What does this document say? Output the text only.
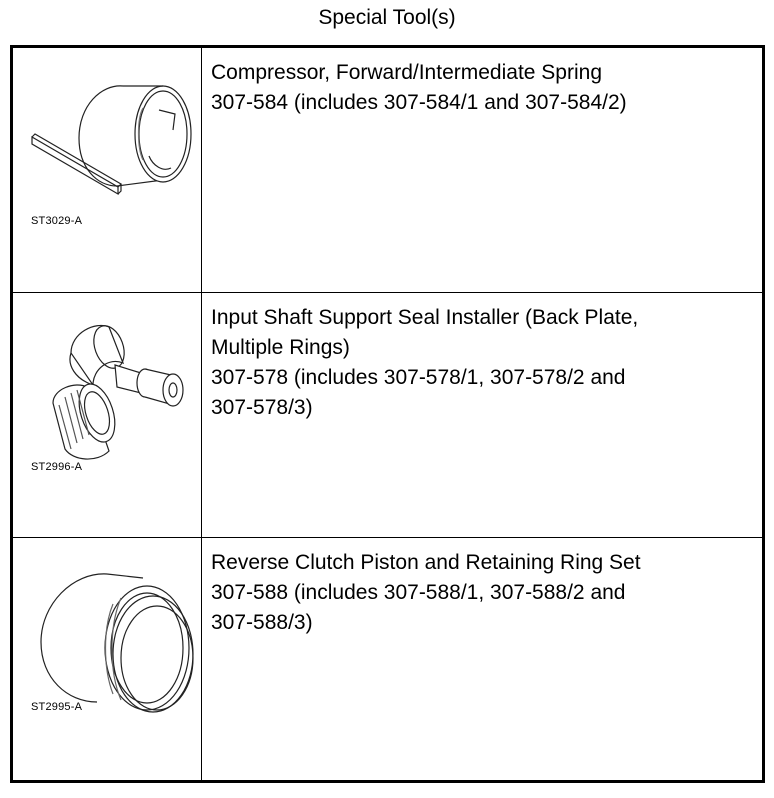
Special Tool(s)
ST3029-A
Compressor, Forward/Intermediate Spring
307-584 (includes 307-584/1 and 307-584/2)
ST2996-A
Input Shaft Support Seal Installer (Back Plate,
Multiple Rings)
307-578 (includes 307-578/1, 307-578/2 and
307-578/3)
ST2995-A
Reverse Clutch Piston and Retaining Ring Set
307-588 (includes 307-588/1, 307-588/2 and
307-588/3)
